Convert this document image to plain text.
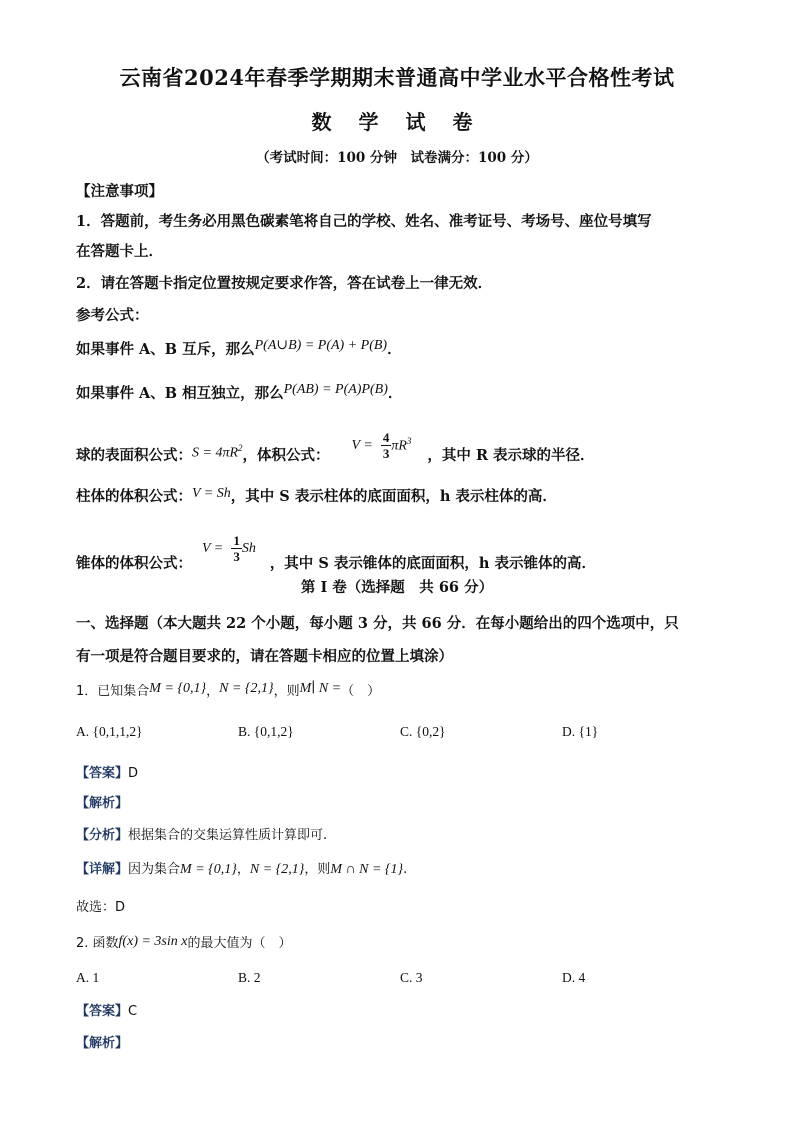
云南省2024年春季学期期末普通高中学业水平合格性考试
数 学 试 卷
（考试时间：100 分钟　试卷满分：100 分）
【注意事项】
1．答题前，考生务必用黑色碳素笔将自己的学校、姓名、准考证号、考场号、座位号填写
在答题卡上．
2．请在答题卡指定位置按规定要求作答，答在试卷上一律无效．
参考公式：
如果事件 A、B 互斥，那么P(A∪B) = P(A) + P(B)．
如果事件 A、B 相互独立，那么P(AB) = P(A)P(B)．
球的表面积公式：$S = 4\pi R^2$，体积公式：$V = \frac{4}{3} \pi R^3$，其中 R 表示球的半径．
柱体的体积公式：V = Sh，其中 S 表示柱体的底面面积，h 表示柱体的高．
锥体的体积公式：$V = \frac{1}{3}$ Sh，其中 S 表示锥体的底面面积，h 表示锥体的高．
第 I 卷（选择题　共 66 分）
一、选择题（本大题共 22 个小题，每小题 3 分，共 66 分．在每小题给出的四个选项中，只
有一项是符合题目要求的，请在答题卡相应的位置上填涂）
1．已知集合M = {0,1}，N = {2,1}，则M∣ N =（　）
A. {0,1,1,2}	B. {0,1,2}	C. {0,2}	D. {1}
【答案】D
【解析】
【分析】根据集合的交集运算性质计算即可.
【详解】因为集合M = {0,1}，N = {2,1}，则M ∩ N = {1}.
故选：D
2. 函数f(x) = 3sin x的最大值为（　）
A. 1	B. 2	C. 3	D. 4
【答案】C
【解析】
